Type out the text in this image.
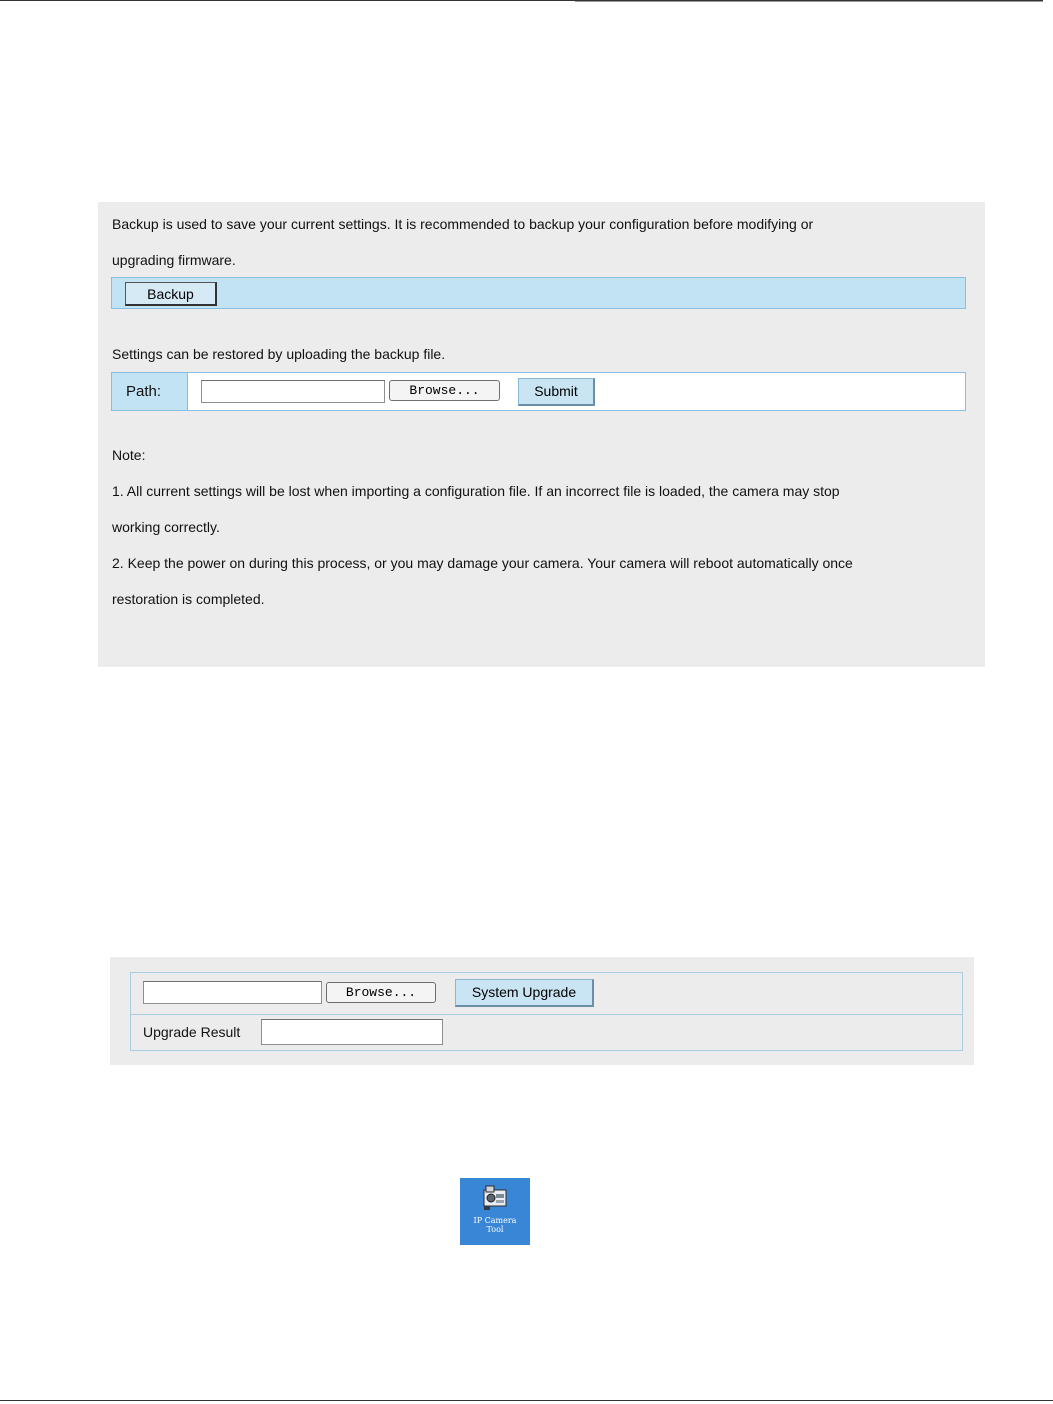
Backup is used to save your current settings. It is recommended to backup your configuration before modifying or
upgrading firmware.
Backup
Settings can be restored by uploading the backup file.
Path:	Browse...	Submit
Note:
1. All current settings will be lost when importing a configuration file. If an incorrect file is loaded, the camera may stop
working correctly.
2. Keep the power on during this process, or you may damage your camera. Your camera will reboot automatically once
restoration is completed.
Browse...	System Upgrade
Upgrade Result
IP Camera
Tool
